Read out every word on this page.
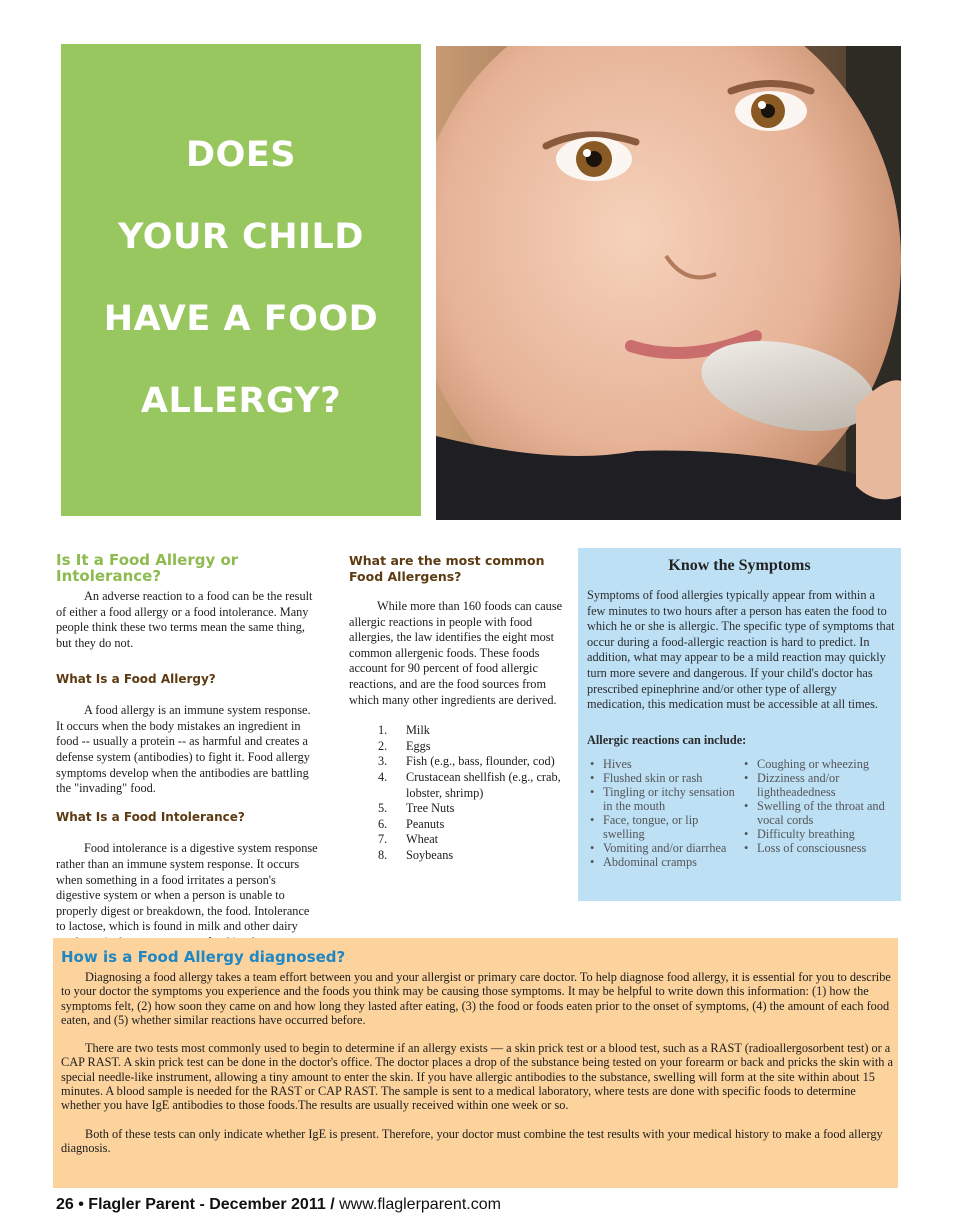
DOES
YOUR CHILD
HAVE A FOOD
ALLERGY?
Is It a Food Allergy or Intolerance?

An adverse reaction to a food can be the result of either a food allergy or a food intolerance. Many people think these two terms mean the same thing, but they do not.

What Is a Food Allergy?

A food allergy is an immune system response. It occurs when the body mistakes an ingredient in food -- usually a protein -- as harmful and creates a defense system (antibodies) to fight it. Food allergy symptoms develop when the antibodies are battling the "invading" food.

What Is a Food Intolerance?

Food intolerance is a digestive system response rather than an immune system response. It occurs when something in a food irritates a person's digestive system or when a person is unable to properly digest or breakdown, the food. Intolerance to lactose, which is found in milk and other dairy

What are the most common Food Allergens?

While more than 160 foods can cause allergic reactions in people with food allergies, the law identifies the eight most common allergenic foods. These foods account for 90 percent of food allergic reactions, and are the food sources from which many other ingredients are derived.

1.	Milk
2.	Eggs
3.	Fish (e.g., bass, flounder, cod)
4.	Crustacean shellfish (e.g., crab, lobster, shrimp)
5.	Tree Nuts
6.	Peanuts
7.	Wheat
8.	Soybeans
Know the Symptoms
Symptoms of food allergies typically appear from within a few minutes to two hours after a person has eaten the food to which he or she is allergic. The specific type of symptoms that occur during a food-allergic reaction is hard to predict. In addition, what may appear to be a mild reaction may quickly turn more severe and dangerous. If your child's doctor has prescribed epinephrine and/or other type of allergy medication, this medication must be accessible at all times.
Allergic reactions can include:
• Hives
• Flushed skin or rash
• Tingling or itchy sensation in the mouth
• Face, tongue, or lip swelling
• Vomiting and/or diarrhea
• Abdominal cramps
• Coughing or wheezing
• Dizziness and/or lightheadedness
• Swelling of the throat and vocal cords
• Difficulty breathing
• Loss of consciousness
How is a Food Allergy diagnosed?

Diagnosing a food allergy takes a team effort between you and your allergist or primary care doctor. To help diagnose food allergy, it is essential for you to describe to your doctor the symptoms you experience and the foods you think may be causing those symptoms. It may be helpful to write down this information: (1) how the symptoms felt, (2) how soon they came on and how long they lasted after eating, (3) the food or foods eaten prior to the onset of symptoms, (4) the amount of each food eaten, and (5) whether similar reactions have occurred before.

There are two tests most commonly used to begin to determine if an allergy exists — a skin prick test or a blood test, such as a RAST (radioallergosorbent test) or a CAP RAST. A skin prick test can be done in the doctor's office. The doctor places a drop of the substance being tested on your forearm or back and pricks the skin with a special needle-like instrument, allowing a tiny amount to enter the skin. If you have allergic antibodies to the substance, swelling will form at the site within about 15 minutes. A blood sample is needed for the RAST or CAP RAST. The sample is sent to a medical laboratory, where tests are done with specific foods to determine whether you have IgE antibodies to those foods.The results are usually received within one week or so.

Both of these tests can only indicate whether IgE is present. Therefore, your doctor must combine the test results with your medical history to make a food allergy diagnosis.

26 • Flagler Parent - December 2011 / www.flaglerparent.com
